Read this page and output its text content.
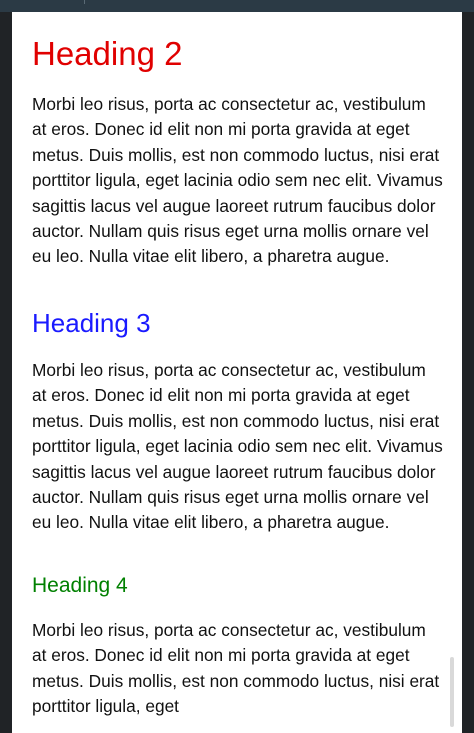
Heading 2

Morbi leo risus, porta ac consectetur ac, vestibulum at eros. Donec id elit non mi porta gravida at eget metus. Duis mollis, est non commodo luctus, nisi erat porttitor ligula, eget lacinia odio sem nec elit. Vivamus sagittis lacus vel augue laoreet rutrum faucibus dolor auctor. Nullam quis risus eget urna mollis ornare vel eu leo. Nulla vitae elit libero, a pharetra augue.

Heading 3

Morbi leo risus, porta ac consectetur ac, vestibulum at eros. Donec id elit non mi porta gravida at eget metus. Duis mollis, est non commodo luctus, nisi erat porttitor ligula, eget lacinia odio sem nec elit. Vivamus sagittis lacus vel augue laoreet rutrum faucibus dolor auctor. Nullam quis risus eget urna mollis ornare vel eu leo. Nulla vitae elit libero, a pharetra augue.

Heading 4

Morbi leo risus, porta ac consectetur ac, vestibulum at eros. Donec id elit non mi porta gravida at eget metus. Duis mollis, est non commodo luctus, nisi erat porttitor ligula, eget
